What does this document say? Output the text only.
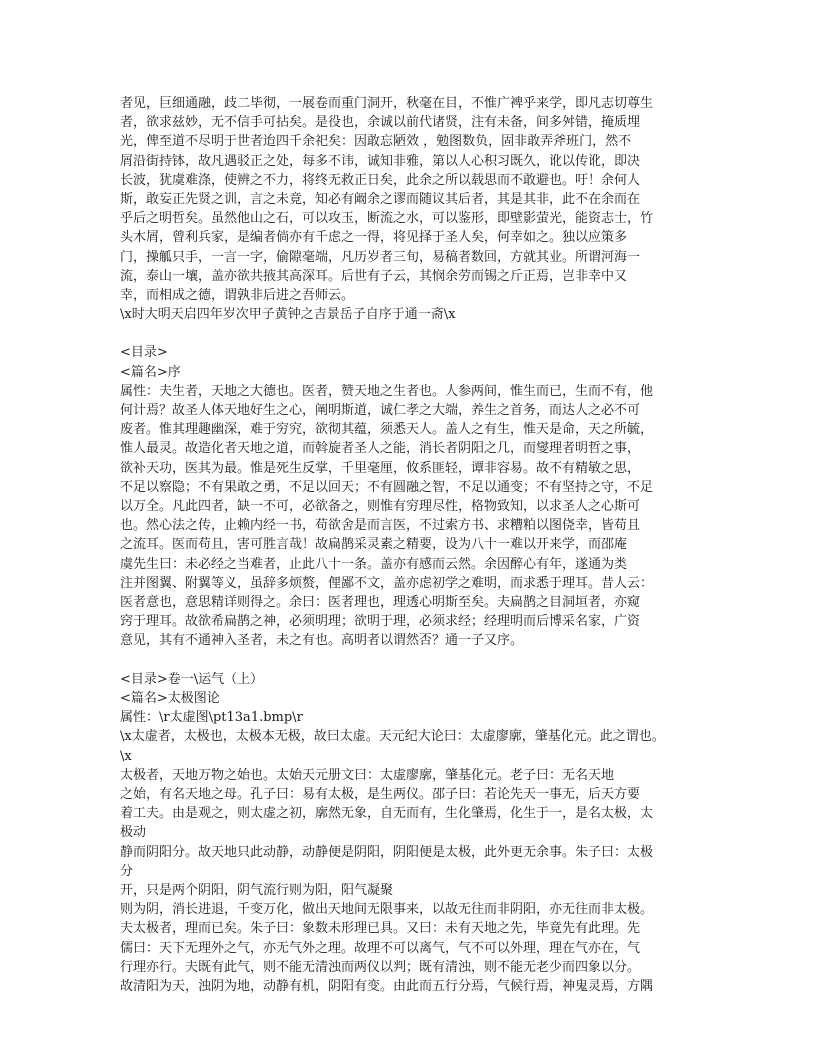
者见，巨细通融，歧二毕彻，一展卷而重门洞开，秋毫在目，不惟广裨乎来学，即凡志切尊生
者，欲求兹妙，无不信手可拈矣。是役也，余诚以前代诸贤，注有未备，间多舛错，掩质埋
光，俾至道不尽明于世者迨四千余祀矣：因敢忘陋效 ，勉图数负，固非敢弄斧班门，然不
屑沿街持钵，故凡遇驳正之处，每多不讳，诚知非雅，第以人心积习既久，讹以传讹，即决
长波，犹虞难涤，使辨之不力，将终无救正日矣，此余之所以载思而不敢避也。吁！余何人
斯，敢妄正先贤之训，言之未竟，知必有阚余之谬而随议其后者，其是其非，此不在余而在
乎后之明哲矣。虽然他山之石，可以攻玉，断流之水，可以鉴形，即壁影萤光，能资志士，竹
头木屑，曾利兵家，是编者倘亦有千虑之一得，将见择于圣人矣，何幸如之。独以应策多
门，操觚只手，一言一字，偷隙毫端，凡历岁者三旬，易稿者数回，方就其业。所谓河海一
流，泰山一壤，盖亦欲共掖其高深耳。后世有子云，其悯余劳而锡之斤正焉，岂非幸中又
幸，而相成之德，谓孰非后进之吾师云。
\x时大明天启四年岁次甲子黄钟之吉景岳子自序于通一斋\x
<目录>
<篇名>序
属性：夫生者，天地之大德也。医者，赞天地之生者也。人参两间，惟生而已，生而不有，他
何计焉？故圣人体天地好生之心，阐明斯道，诚仁孝之大端，养生之首务，而达人之必不可
废者。惟其理趣幽深，难于穷究，欲彻其蕴，须悉天人。盖人之有生，惟天是命，天之所毓，
惟人最灵。故造化者天地之道，而斡旋者圣人之能，消长者阴阳之几，而燮理者明哲之事，
欲补天功，医其为最。惟是死生反掌，千里毫厘，攸系匪轻，谭非容易。故不有精敏之思，
不足以察隐；不有果敢之勇，不足以回天；不有圆融之智，不足以通变；不有坚持之守，不足
以万全。凡此四者，缺一不可，必欲备之，则惟有穷理尽性，格物致知，以求圣人之心斯可
也。然心法之传，止赖内经一书，苟欲舍是而言医，不过索方书、求糟粕以图侥幸，皆苟且
之流耳。医而苟且，害可胜言哉！故扁鹊采灵素之精要，设为八十一难以开来学，而邵庵
虞先生曰：未必经之当难者，止此八十一条。盖亦有感而云然。余因醉心有年，遂通为类
注并图翼、附翼等义，虽辞多烦赘，俚鄙不文，盖亦虑初学之难明，而求悉于理耳。昔人云：
医者意也，意思精详则得之。余曰：医者理也，理透心明斯至矣。夫扁鹊之目洞垣者，亦窥
窍于理耳。故欲希扁鹊之神，必须明理；欲明于理，必须求经；经理明而后博采名家，广资
意见，其有不通神入圣者，未之有也。高明者以谓然否？通一子又序。
<目录>卷一\运气（上）
<篇名>太极图论
属性：\r太虚图\pt13a1.bmp\r
\x太虚者，太极也，太极本无极，故曰太虚。天元纪大论曰：太虚廖廓，肇基化元。此之谓也。
\x
太极者，天地万物之始也。太始天元册文曰：太虚廖廓，肇基化元。老子曰：无名天地
之始，有名天地之母。孔子曰：易有太极，是生两仪。邵子曰：若论先天一事无，后天方要
着工夫。由是观之，则太虚之初，廓然无象，自无而有，生化肇焉，化生于一，是名太极，太
极动
静而阴阳分。故天地只此动静，动静便是阴阳，阴阳便是太极，此外更无余事。朱子曰：太极
分
开，只是两个阴阳，阴气流行则为阳，阳气凝聚
则为阴，消长进退，千变万化，做出天地间无限事来，以故无往而非阴阳，亦无往而非太极。
夫太极者，理而已矣。朱子曰：象数未形理已具。又曰：未有天地之先，毕竟先有此理。先
儒曰：天下无理外之气，亦无气外之理。故理不可以离气，气不可以外理，理在气亦在，气
行理亦行。夫既有此气，则不能无清浊而两仪以判；既有清浊，则不能无老少而四象以分。
故清阳为天，浊阴为地，动静有机，阴阳有变。由此而五行分焉，气候行焉，神鬼灵焉，方隅
